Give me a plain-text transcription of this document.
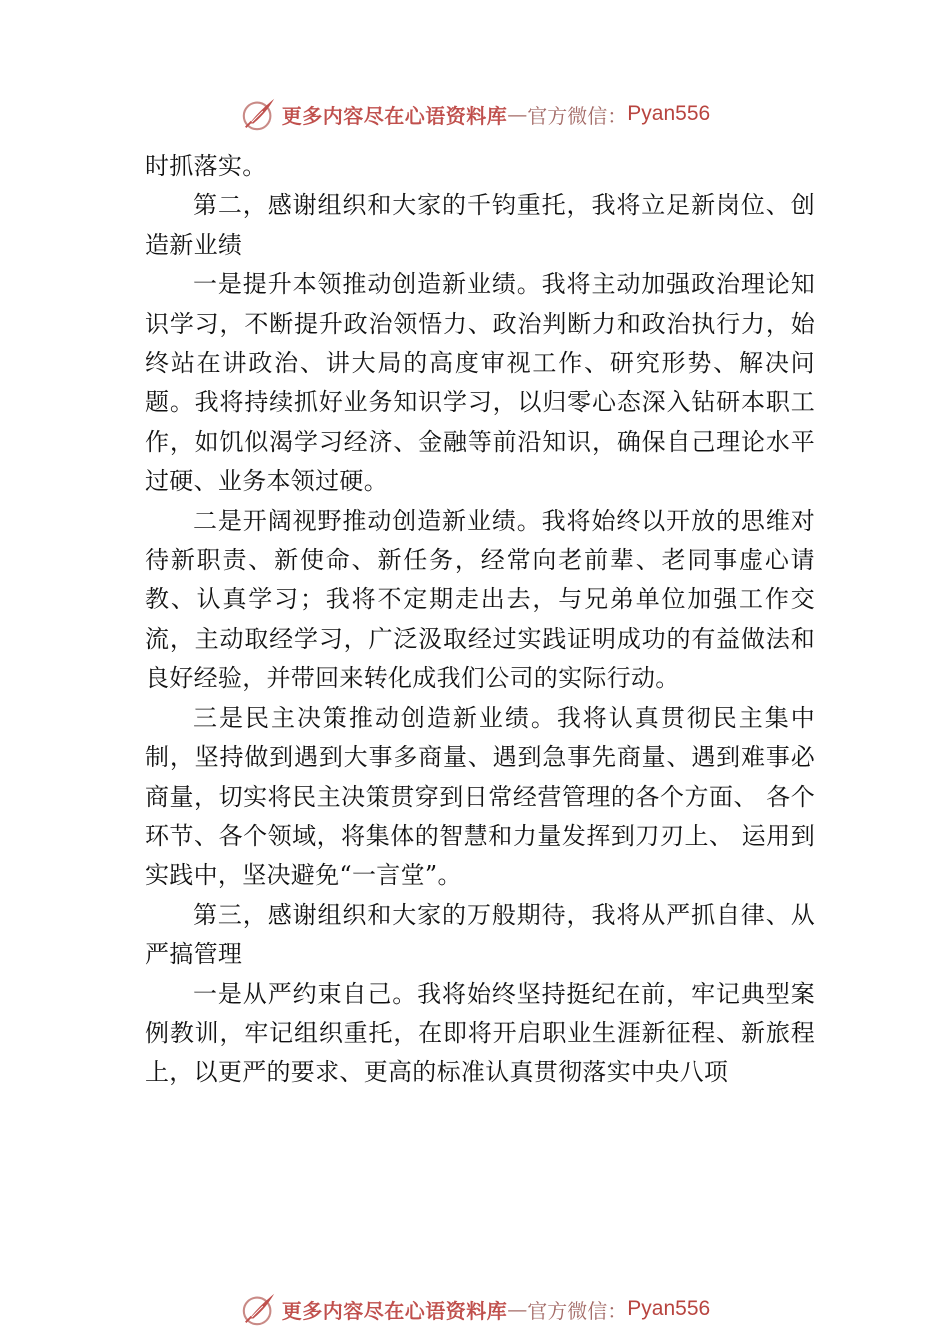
更多内容尽在心语资料库 — 官方微信： Pyan556

时抓落实。

第二，感谢组织和大家的千钧重托，我将立足新岗位、创造新业绩

一是提升本领推动创造新业绩。我将主动加强政治理论知识学习，不断提升政治领悟力、政治判断力和政治执行力，始终站在讲政治、讲大局的高度审视工作、研究形势、解决问题。我将持续抓好业务知识学习，以归零心态深入钻研本职工作，如饥似渴学习经济、金融等前沿知识，确保自己理论水平过硬、业务本领过硬。

二是开阔视野推动创造新业绩。我将始终以开放的思维对待新职责、新使命、新任务，经常向老前辈、老同事虚心请教、认真学习；我将不定期走出去，与兄弟单位加强工作交流，主动取经学习，广泛汲取经过实践证明成功的有益做法和良好经验，并带回来转化成我们公司的实际行动。

三是民主决策推动创造新业绩。我将认真贯彻民主集中制，坚持做到遇到大事多商量、遇到急事先商量、遇到难事必商量，切实将民主决策贯穿到日常经营管理的各个方面、 各个环节、各个领域，将集体的智慧和力量发挥到刀刃上、 运用到实践中，坚决避免“一言堂”。

第三，感谢组织和大家的万般期待，我将从严抓自律、从严搞管理

一是从严约束自己。我将始终坚持挺纪在前，牢记典型案例教训，牢记组织重托，在即将开启职业生涯新征程、新旅程上，以更严的要求、更高的标准认真贯彻落实中央八项

更多内容尽在心语资料库 — 官方微信： Pyan556
